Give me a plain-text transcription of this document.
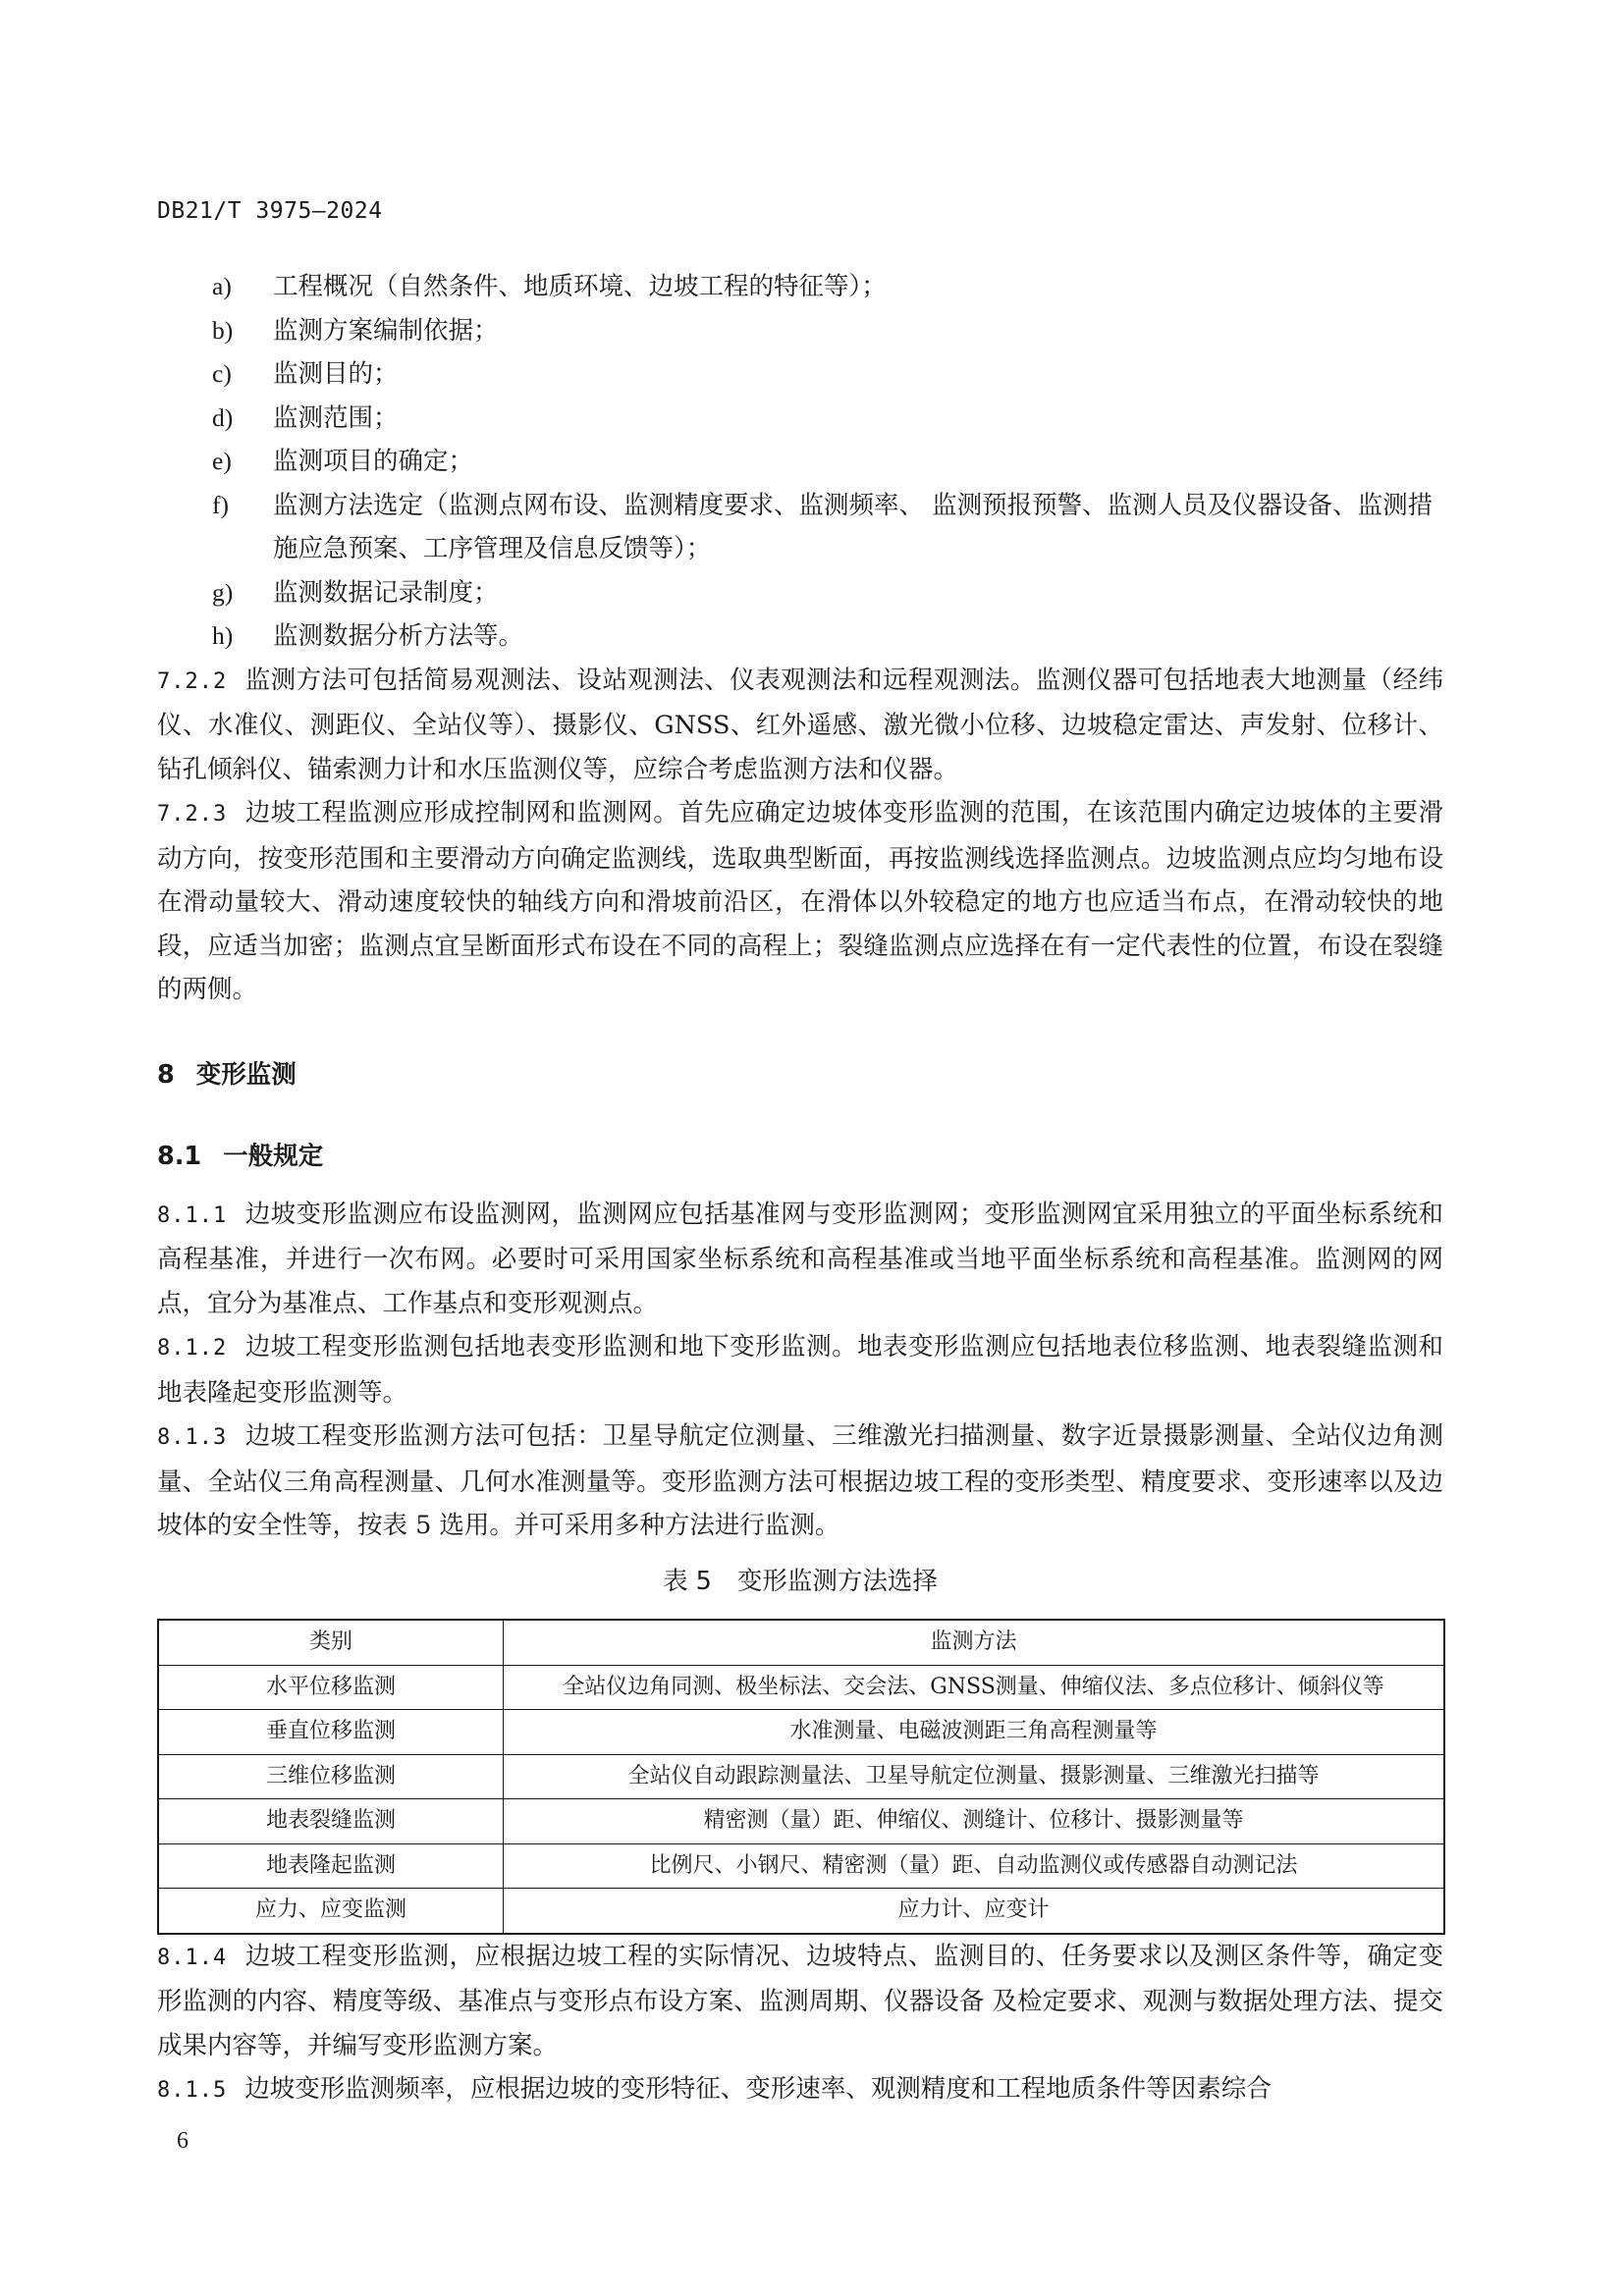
DB21/T 3975—2024
a)	工程概况（自然条件、地质环境、边坡工程的特征等）；
b)	监测方案编制依据；
c)	监测目的；
d)	监测范围；
e)	监测项目的确定；
f)	监测方法选定（监测点网布设、监测精度要求、监测频率、 监测预报预警、监测人员及仪器设备、监测措施应急预案、工序管理及信息反馈等）；
g)	监测数据记录制度；
h)	监测数据分析方法等。

7.2.2 监测方法可包括简易观测法、设站观测法、仪表观测法和远程观测法。监测仪器可包括地表大地测量（经纬仪、水准仪、测距仪、全站仪等）、摄影仪、GNSS、红外遥感、激光微小位移、边坡稳定雷达、声发射、位移计、钻孔倾斜仪、锚索测力计和水压监测仪等，应综合考虑监测方法和仪器。

7.2.3 边坡工程监测应形成控制网和监测网。首先应确定边坡体变形监测的范围，在该范围内确定边坡体的主要滑动方向，按变形范围和主要滑动方向确定监测线，选取典型断面，再按监测线选择监测点。边坡监测点应均匀地布设在滑动量较大、滑动速度较快的轴线方向和滑坡前沿区，在滑体以外较稳定的地方也应适当布点，在滑动较快的地段，应适当加密；监测点宜呈断面形式布设在不同的高程上；裂缝监测点应选择在有一定代表性的位置，布设在裂缝的两侧。

8 变形监测
8.1 一般规定

8.1.1 边坡变形监测应布设监测网，监测网应包括基准网与变形监测网；变形监测网宜采用独立的平面坐标系统和高程基准，并进行一次布网。必要时可采用国家坐标系统和高程基准或当地平面坐标系统和高程基准。监测网的网点，宜分为基准点、工作基点和变形观测点。

8.1.2 边坡工程变形监测包括地表变形监测和地下变形监测。地表变形监测应包括地表位移监测、地表裂缝监测和地表隆起变形监测等。

8.1.3 边坡工程变形监测方法可包括：卫星导航定位测量、三维激光扫描测量、数字近景摄影测量、全站仪边角测量、全站仪三角高程测量、几何水准测量等。变形监测方法可根据边坡工程的变形类型、精度要求、变形速率以及边坡体的安全性等，按表 5 选用。并可采用多种方法进行监测。

表 5 变形监测方法选择
类别	监测方法
水平位移监测	全站仪边角同测、极坐标法、交会法、GNSS测量、伸缩仪法、多点位移计、倾斜仪等
垂直位移监测	水准测量、电磁波测距三角高程测量等
三维位移监测	全站仪自动跟踪测量法、卫星导航定位测量、摄影测量、三维激光扫描等
地表裂缝监测	精密测（量）距、伸缩仪、测缝计、位移计、摄影测量等
地表隆起监测	比例尺、小钢尺、精密测（量）距、自动监测仪或传感器自动测记法
应力、应变监测	应力计、应变计

8.1.4 边坡工程变形监测，应根据边坡工程的实际情况、边坡特点、监测目的、任务要求以及测区条件等，确定变形监测的内容、精度等级、基准点与变形点布设方案、监测周期、仪器设备 及检定要求、观测与数据处理方法、提交成果内容等，并编写变形监测方案。

8.1.5 边坡变形监测频率，应根据边坡的变形特征、变形速率、观测精度和工程地质条件等因素综合

6
